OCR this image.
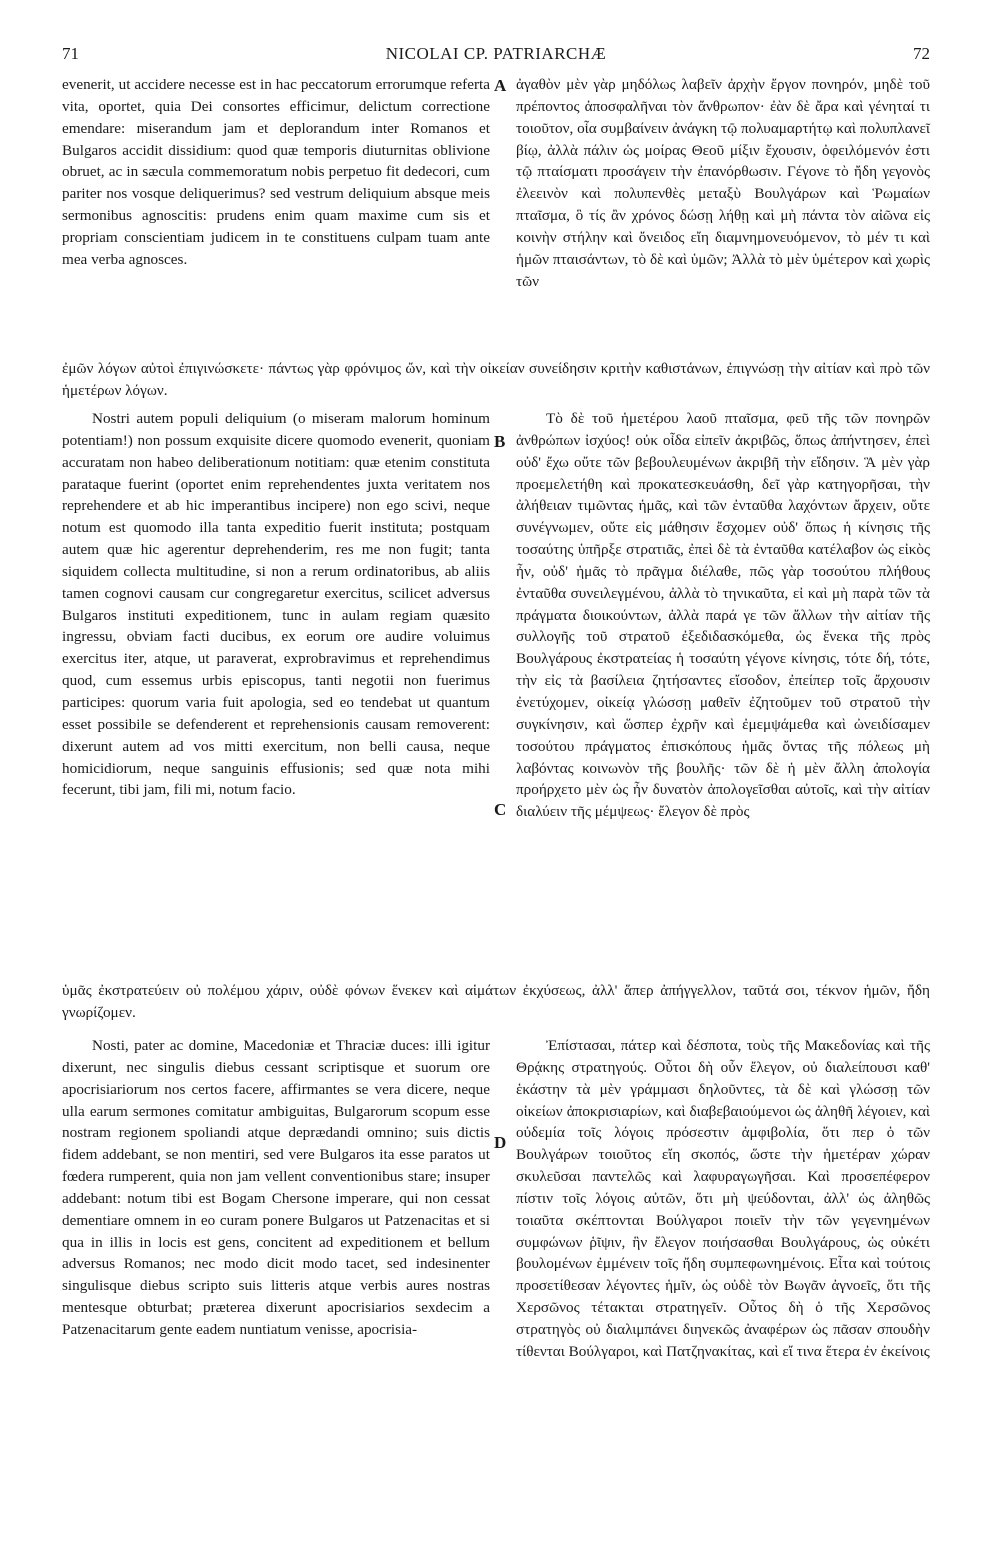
71	NICOLAI CP. PATRIARCHÆ	72

evenerit, ut accidere necesse est in hac peccatorum errorumque referta vita, oportet, quia Dei consortes efficimur, delictum correctione emendare: miserandum jam et deplorandum inter Romanos et Bulgaros accidit dissidium: quod quæ temporis diuturnitas oblivione obruet, ac in sæcula commemoratum nobis perpetuo fit dedecori, cum pariter nos vosque deliquerimus? sed vestrum deliquium absque meis sermonibus agnoscitis: prudens enim quam maxime cum sis et propriam conscientiam judicem in te constituens culpam tuam ante mea verba agnosces.

ἀγαθὸν μὲν γὰρ μηδόλως λαβεῖν ἀρχὴν ἔργον πονηρόν, μηδὲ τοῦ πρέποντος ἀποσφαλῆναι τὸν ἄνθρωπον· ἐὰν δὲ ἄρα καὶ γένηταί τι τοιοῦτον, οἷα συμβαίνειν ἀνάγκη τῷ πολυαμαρτήτῳ καὶ πολυπλανεῖ βίῳ, ἀλλὰ πάλιν ὡς μοίρας Θεοῦ μίξιν ἔχουσιν, ὀφειλόμενόν ἐστι τῷ πταίσματι προσάγειν τὴν ἐπανόρθωσιν. Γέγονε τὸ ἤδη γεγονὸς ἐλεεινὸν καὶ πολυπενθὲς μεταξὺ Βουλγάρων καὶ Ῥωμαίων πταῖσμα, ὃ τίς ἂν χρόνος δώσῃ λήθῃ καὶ μὴ πάντα τὸν αἰῶνα εἰς κοινὴν στήλην καὶ ὄνειδος εἴη διαμνημονευόμενον, τὸ μέν τι καὶ ἡμῶν πταισάντων, τὸ δὲ καὶ ὑμῶν; Ἀλλὰ τὸ μὲν ὑμέτερον καὶ χωρὶς τῶν

ἐμῶν λόγων αὐτοὶ ἐπιγινώσκετε· πάντως γὰρ φρόνιμος ὤν, καὶ τὴν οἰκείαν συνείδησιν κριτὴν καθιστάνων, ἐπιγνώσῃ τὴν αἰτίαν καὶ πρὸ τῶν ἡμετέρων λόγων.

Nostri autem populi deliquium (o miseram malorum hominum potentiam!) non possum exquisite dicere quomodo evenerit, quoniam accuratam non habeo deliberationum notitiam: quæ etenim constituta parataque fuerint (oportet enim reprehendentes juxta veritatem nos reprehendere et ab hic imperantibus incipere) non ego scivi, neque notum est quomodo illa tanta expeditio fuerit instituta; postquam autem quæ hic agerentur deprehenderim, res me non fugit; tanta siquidem collecta multitudine, si non a rerum ordinatoribus, ab aliis tamen cognovi causam cur congregaretur exercitus, scilicet adversus Bulgaros instituti expeditionem, tunc in aulam regiam quæsito ingressu, obviam facti ducibus, ex eorum ore audire voluimus exercitus iter, atque, ut paraverat, exprobravimus et reprehendimus quod, cum essemus urbis episcopus, tanti negotii non fuerimus participes: quorum varia fuit apologia, sed eo tendebat ut quantum esset possibile se defenderent et reprehensionis causam removerent: dixerunt autem ad vos mitti exercitum, non belli causa, neque homicidiorum, neque sanguinis effusionis; sed quæ nota mihi fecerunt, tibi jam, fili mi, notum facio.

Τὸ δὲ τοῦ ἡμετέρου λαοῦ πταῖσμα, φεῦ τῆς τῶν πονηρῶν ἀνθρώπων ἰσχύος! οὐκ οἶδα εἰπεῖν ἀκριβῶς, ὅπως ἀπήντησεν, ἐπεὶ οὐδ' ἔχω οὔτε τῶν βεβουλευμένων ἀκριβῆ τὴν εἴδησιν. Ἃ μὲν γὰρ προεμελετήθη καὶ προκατεσκευάσθη, δεῖ γὰρ κατηγορῆσαι, τὴν ἀλήθειαν τιμῶντας ἡμᾶς, καὶ τῶν ἐνταῦθα λαχόντων ἄρχειν, οὔτε συνέγνωμεν, οὔτε εἰς μάθησιν ἔσχομεν οὐδ' ὅπως ἡ κίνησις τῆς τοσαύτης ὑπῆρξε στρατιᾶς, ἐπεὶ δὲ τὰ ἐνταῦθα κατέλαβον ὡς εἰκὸς ἦν, οὐδ' ἡμᾶς τὸ πρᾶγμα διέλαθε, πῶς γὰρ τοσούτου πλήθους ἐνταῦθα συνειλεγμένου, ἀλλὰ τὸ τηνικαῦτα, εἰ καὶ μὴ παρὰ τῶν τὰ πράγματα διοικούντων, ἀλλὰ παρά γε τῶν ἄλλων τὴν αἰτίαν τῆς συλλογῆς τοῦ στρατοῦ ἐξεδιδασκόμεθα, ὡς ἕνεκα τῆς πρὸς Βουλγάρους ἐκστρατείας ἡ τοσαύτη γέγονε κίνησις, τότε δή, τότε, τὴν εἰς τὰ βασίλεια ζητήσαντες εἴσοδον, ἐπείπερ τοῖς ἄρχουσιν ἐνετύχομεν, οἰκείᾳ γλώσσῃ μαθεῖν ἐζητοῦμεν τοῦ στρατοῦ τὴν συγκίνησιν, καὶ ὥσπερ ἐχρῆν καὶ ἐμεμψάμεθα καὶ ὠνειδίσαμεν τοσούτου πράγματος ἐπισκόπους ἡμᾶς ὄντας τῆς πόλεως μὴ λαβόντας κοινωνὸν τῆς βουλῆς· τῶν δὲ ἡ μὲν ἄλλη ἀπολογία προήρχετο μὲν ὡς ἦν δυνατὸν ἀπολογεῖσθαι αὐτοῖς, καὶ τὴν αἰτίαν διαλύειν τῆς μέμψεως· ἔλεγον δὲ πρὸς

ὑμᾶς ἐκστρατεύειν οὐ πολέμου χάριν, οὐδὲ φόνων ἕνεκεν καὶ αἱμάτων ἐκχύσεως, ἀλλ' ἅπερ ἀπήγγελλον, ταῦτά σοι, τέκνον ἡμῶν, ἤδη γνωρίζομεν.

Nosti, pater ac domine, Macedoniæ et Thraciæ duces: illi igitur dixerunt, nec singulis diebus cessant scriptisque et suorum ore apocrisiariorum nos certos facere, affirmantes se vera dicere, neque ulla earum sermones comitatur ambiguitas, Bulgarorum scopum esse nostram regionem spoliandi atque deprædandi omnino; suis dictis fidem addebant, se non mentiri, sed vere Bulgaros ita esse paratos ut fœdera rumperent, quia non jam vellent conventionibus stare; insuper addebant: notum tibi est Bogam Chersone imperare, qui non cessat dementiare omnem in eo curam ponere Bulgaros ut Patzenacitas et si qua in illis in locis est gens, concitent ad expeditionem et bellum adversus Romanos; nec modo dicit modo tacet, sed indesinenter singulisque diebus scripto suis litteris atque verbis aures nostras mentesque obturbat; præterea dixerunt apocrisiarios sexdecim a Patzenacitarum gente eadem nuntiatum venisse, apocrisia-

Ἐπίστασαι, πάτερ καὶ δέσποτα, τοὺς τῆς Μακεδονίας καὶ τῆς Θρᾴκης στρατηγούς. Οὗτοι δὴ οὖν ἔλεγον, οὐ διαλείπουσι καθ' ἑκάστην τὰ μὲν γράμμασι δηλοῦντες, τὰ δὲ καὶ γλώσσῃ τῶν οἰκείων ἀποκρισιαρίων, καὶ διαβεβαιούμενοι ὡς ἀληθῆ λέγοιεν, καὶ οὐδεμία τοῖς λόγοις πρόσεστιν ἀμφιβολία, ὅτι περ ὁ τῶν Βουλγάρων τοιοῦτος εἴη σκοπός, ὥστε τὴν ἡμετέραν χώραν σκυλεῦσαι παντελῶς καὶ λαφυραγωγῆσαι. Καὶ προσεπέφερον πίστιν τοῖς λόγοις αὐτῶν, ὅτι μὴ ψεύδονται, ἀλλ' ὡς ἀληθῶς τοιαῦτα σκέπτονται Βούλγαροι ποιεῖν τὴν τῶν γεγενημένων συμφώνων ῥῖψιν, ἣν ἔλεγον ποιήσασθαι Βουλγάρους, ὡς οὐκέτι βουλομένων ἐμμένειν τοῖς ἤδη συμπεφωνημένοις. Εἶτα καὶ τούτοις προσετίθεσαν λέγοντες ἡμῖν, ὡς οὐδὲ τὸν Βωγᾶν ἀγνοεῖς, ὅτι τῆς Χερσῶνος τέτακται στρατηγεῖν. Οὗτος δὴ ὁ τῆς Χερσῶνος στρατηγὸς οὐ διαλιμπάνει διηνεκῶς ἀναφέρων ὡς πᾶσαν σπουδὴν τίθενται Βούλγαροι, καὶ Πατζηνακίτας, καὶ εἴ τινα ἕτερα ἐν ἐκείνοις

A
B
C
D
